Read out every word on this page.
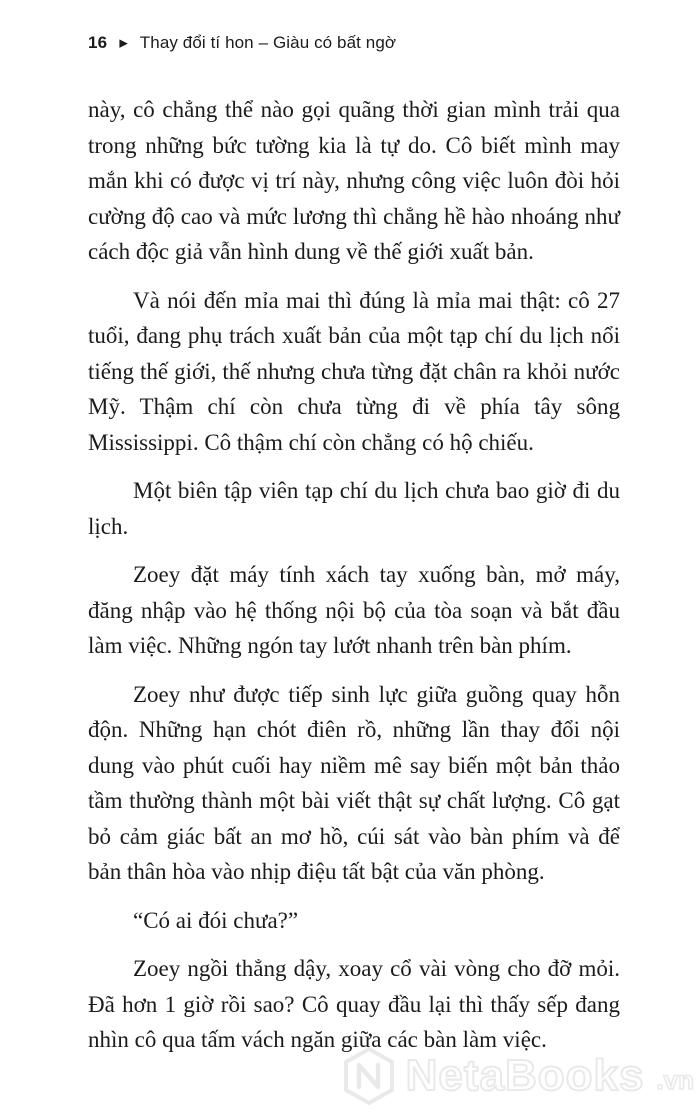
16 ▶ Thay đổi tí hon – Giàu có bất ngờ

này, cô chẳng thể nào gọi quãng thời gian mình trải qua trong những bức tường kia là tự do. Cô biết mình may mắn khi có được vị trí này, nhưng công việc luôn đòi hỏi cường độ cao và mức lương thì chẳng hề hào nhoáng như cách độc giả vẫn hình dung về thế giới xuất bản.

Và nói đến mỉa mai thì đúng là mỉa mai thật: cô 27 tuổi, đang phụ trách xuất bản của một tạp chí du lịch nổi tiếng thế giới, thế nhưng chưa từng đặt chân ra khỏi nước Mỹ. Thậm chí còn chưa từng đi về phía tây sông Mississippi. Cô thậm chí còn chẳng có hộ chiếu.

Một biên tập viên tạp chí du lịch chưa bao giờ đi du lịch.

Zoey đặt máy tính xách tay xuống bàn, mở máy, đăng nhập vào hệ thống nội bộ của tòa soạn và bắt đầu làm việc. Những ngón tay lướt nhanh trên bàn phím.

Zoey như được tiếp sinh lực giữa guồng quay hỗn độn. Những hạn chót điên rồ, những lần thay đổi nội dung vào phút cuối hay niềm mê say biến một bản thảo tầm thường thành một bài viết thật sự chất lượng. Cô gạt bỏ cảm giác bất an mơ hồ, cúi sát vào bàn phím và để bản thân hòa vào nhịp điệu tất bật của văn phòng.

“Có ai đói chưa?”

Zoey ngồi thẳng dậy, xoay cổ vài vòng cho đỡ mỏi. Đã hơn 1 giờ rồi sao? Cô quay đầu lại thì thấy sếp đang nhìn cô qua tấm vách ngăn giữa các bàn làm việc.

NetaBooks .vn
